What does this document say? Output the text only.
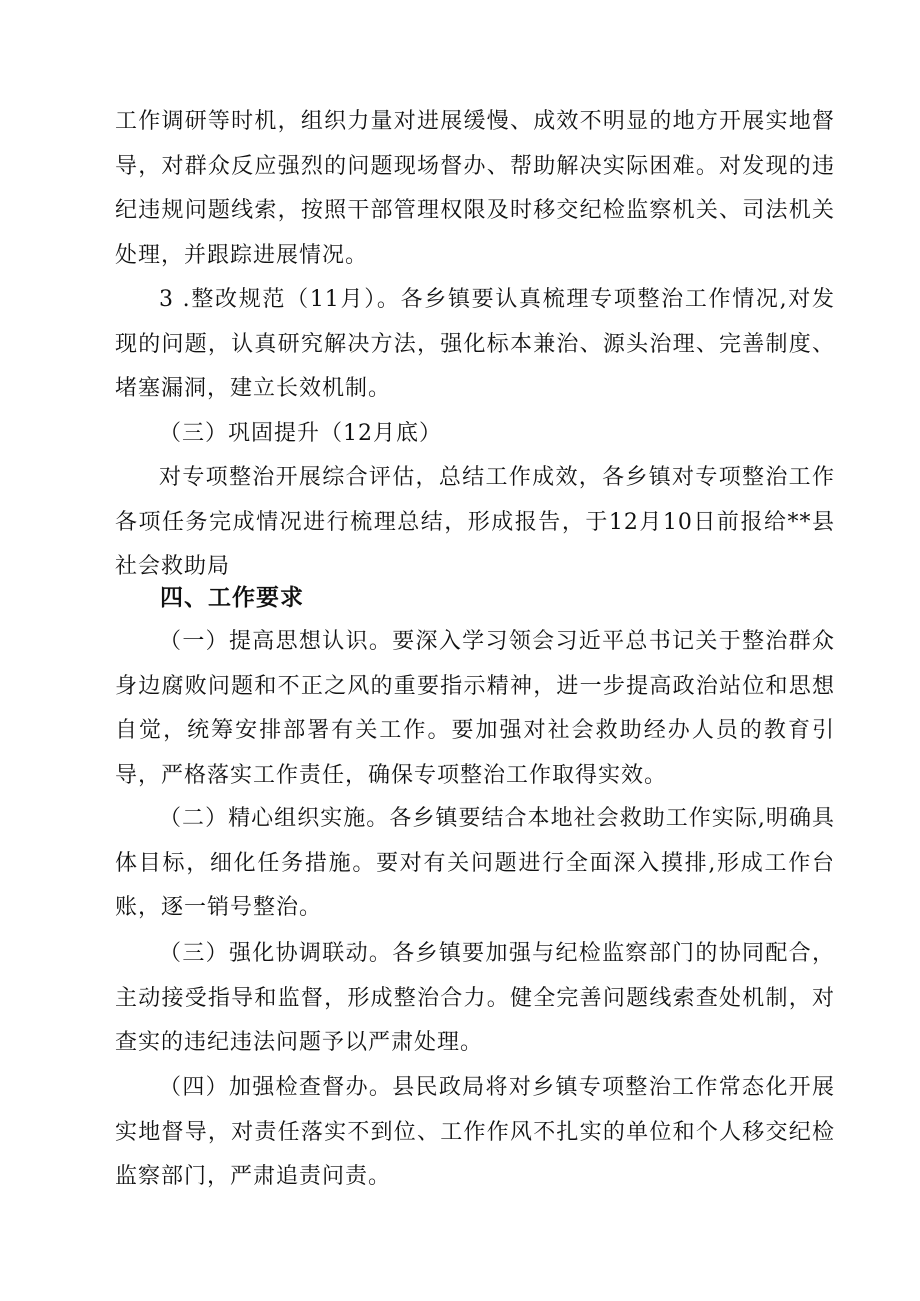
工作调研等时机，组织力量对进展缓慢、成效不明显的地方开展实地督导，对群众反应强烈的问题现场督办、帮助解决实际困难。对发现的违纪违规问题线索，按照干部管理权限及时移交纪检监察机关、司法机关处理，并跟踪进展情况。

3 .整改规范（11月）。各乡镇要认真梳理专项整治工作情况,对发现的问题，认真研究解决方法，强化标本兼治、源头治理、完善制度、堵塞漏洞，建立长效机制。

（三）巩固提升（12月底）

对专项整治开展综合评估，总结工作成效，各乡镇对专项整治工作各项任务完成情况进行梳理总结，形成报告，于12月10日前报给**县社会救助局

四、工作要求

（一）提高思想认识。要深入学习领会习近平总书记关于整治群众身边腐败问题和不正之风的重要指示精神，进一步提高政治站位和思想自觉，统筹安排部署有关工作。要加强对社会救助经办人员的教育引导，严格落实工作责任，确保专项整治工作取得实效。

（二）精心组织实施。各乡镇要结合本地社会救助工作实际,明确具体目标，细化任务措施。要对有关问题进行全面深入摸排,形成工作台账，逐一销号整治。

（三）强化协调联动。各乡镇要加强与纪检监察部门的协同配合，主动接受指导和监督，形成整治合力。健全完善问题线索查处机制，对查实的违纪违法问题予以严肃处理。

（四）加强检查督办。县民政局将对乡镇专项整治工作常态化开展实地督导，对责任落实不到位、工作作风不扎实的单位和个人移交纪检监察部门，严肃追责问责。
